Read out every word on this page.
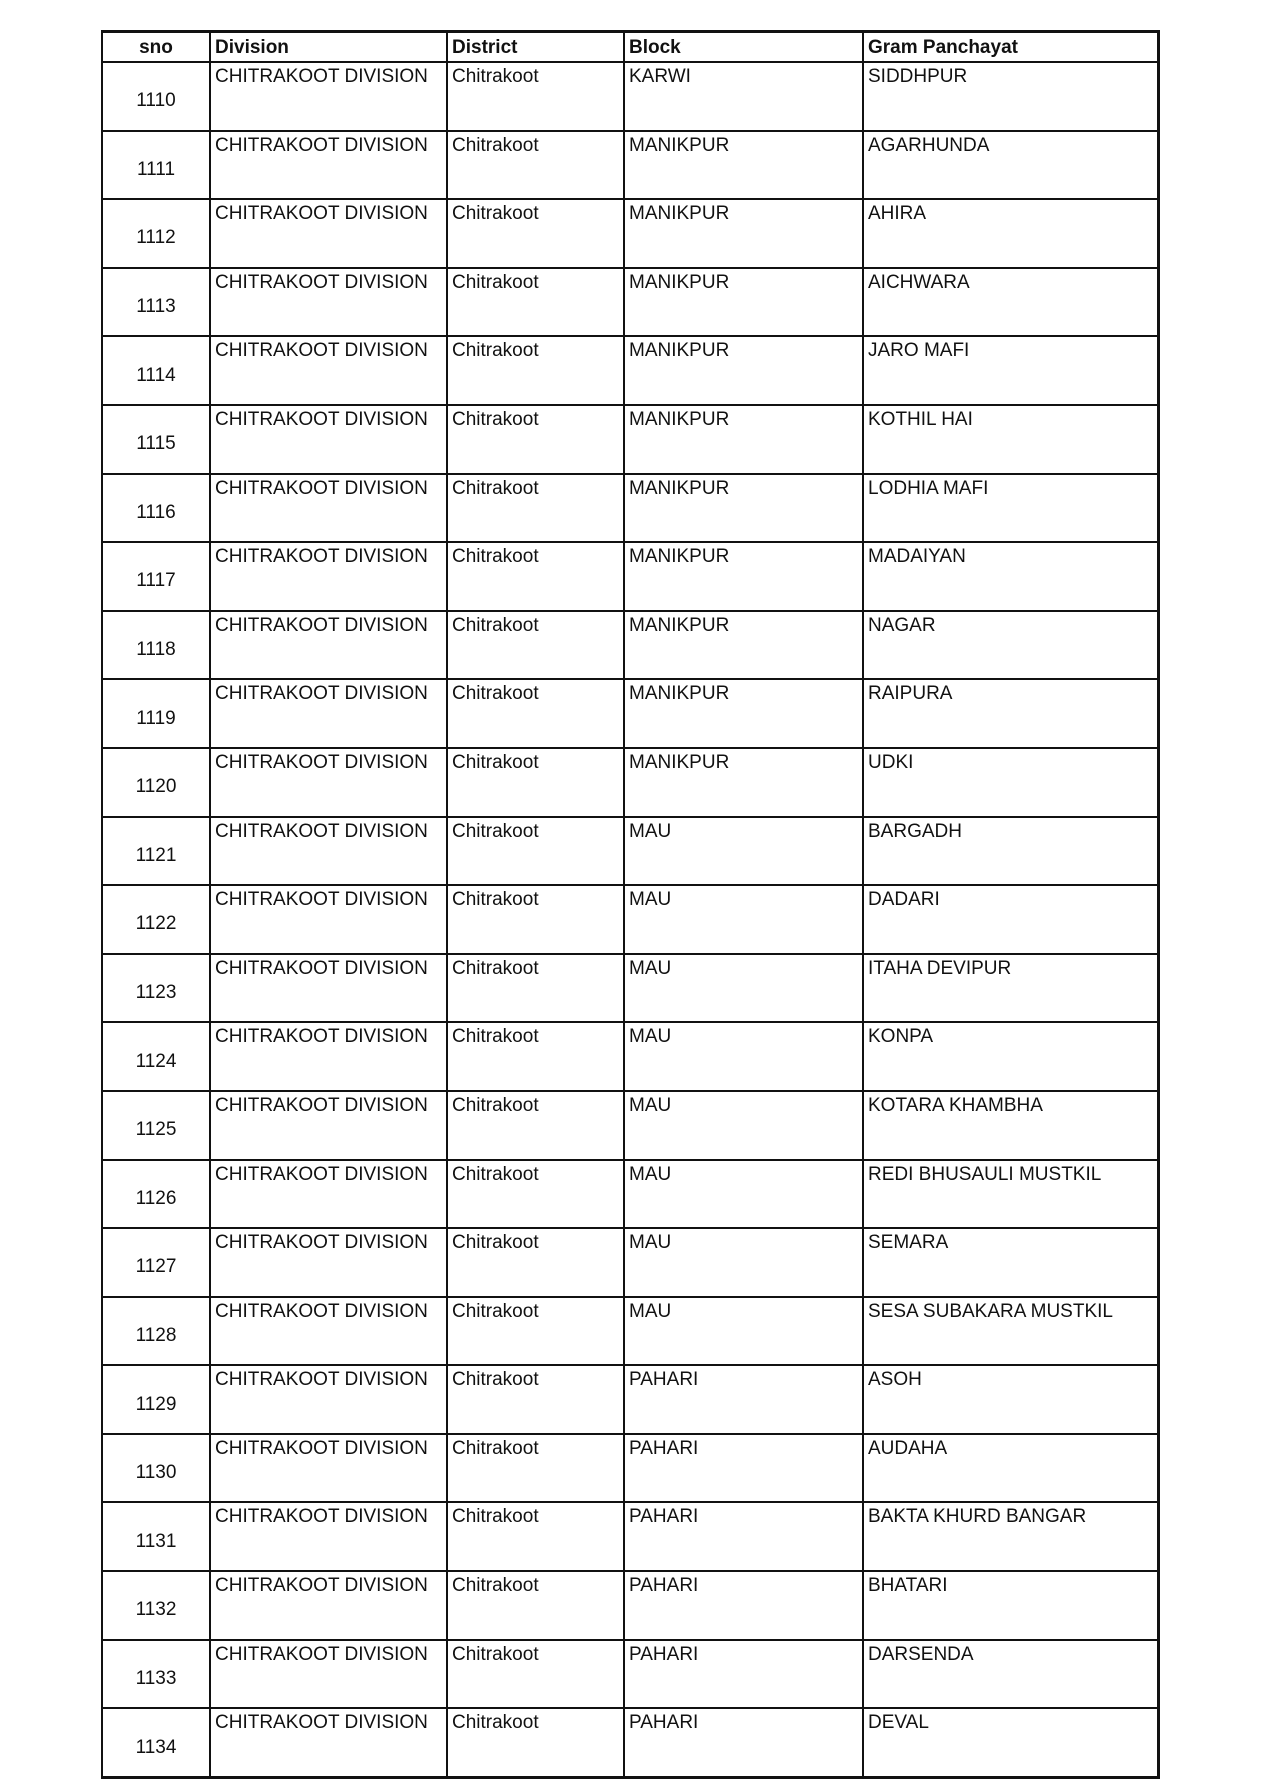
sno	Division	District	Block	Gram Panchayat
1110	CHITRAKOOT DIVISION	Chitrakoot	KARWI	SIDDHPUR
1111	CHITRAKOOT DIVISION	Chitrakoot	MANIKPUR	AGARHUNDA
1112	CHITRAKOOT DIVISION	Chitrakoot	MANIKPUR	AHIRA
1113	CHITRAKOOT DIVISION	Chitrakoot	MANIKPUR	AICHWARA
1114	CHITRAKOOT DIVISION	Chitrakoot	MANIKPUR	JARO MAFI
1115	CHITRAKOOT DIVISION	Chitrakoot	MANIKPUR	KOTHIL HAI
1116	CHITRAKOOT DIVISION	Chitrakoot	MANIKPUR	LODHIA MAFI
1117	CHITRAKOOT DIVISION	Chitrakoot	MANIKPUR	MADAIYAN
1118	CHITRAKOOT DIVISION	Chitrakoot	MANIKPUR	NAGAR
1119	CHITRAKOOT DIVISION	Chitrakoot	MANIKPUR	RAIPURA
1120	CHITRAKOOT DIVISION	Chitrakoot	MANIKPUR	UDKI
1121	CHITRAKOOT DIVISION	Chitrakoot	MAU	BARGADH
1122	CHITRAKOOT DIVISION	Chitrakoot	MAU	DADARI
1123	CHITRAKOOT DIVISION	Chitrakoot	MAU	ITAHA DEVIPUR
1124	CHITRAKOOT DIVISION	Chitrakoot	MAU	KONPA
1125	CHITRAKOOT DIVISION	Chitrakoot	MAU	KOTARA KHAMBHA
1126	CHITRAKOOT DIVISION	Chitrakoot	MAU	REDI BHUSAULI MUSTKIL
1127	CHITRAKOOT DIVISION	Chitrakoot	MAU	SEMARA
1128	CHITRAKOOT DIVISION	Chitrakoot	MAU	SESA SUBAKARA MUSTKIL
1129	CHITRAKOOT DIVISION	Chitrakoot	PAHARI	ASOH
1130	CHITRAKOOT DIVISION	Chitrakoot	PAHARI	AUDAHA
1131	CHITRAKOOT DIVISION	Chitrakoot	PAHARI	BAKTA KHURD BANGAR
1132	CHITRAKOOT DIVISION	Chitrakoot	PAHARI	BHATARI
1133	CHITRAKOOT DIVISION	Chitrakoot	PAHARI	DARSENDA
1134	CHITRAKOOT DIVISION	Chitrakoot	PAHARI	DEVAL
